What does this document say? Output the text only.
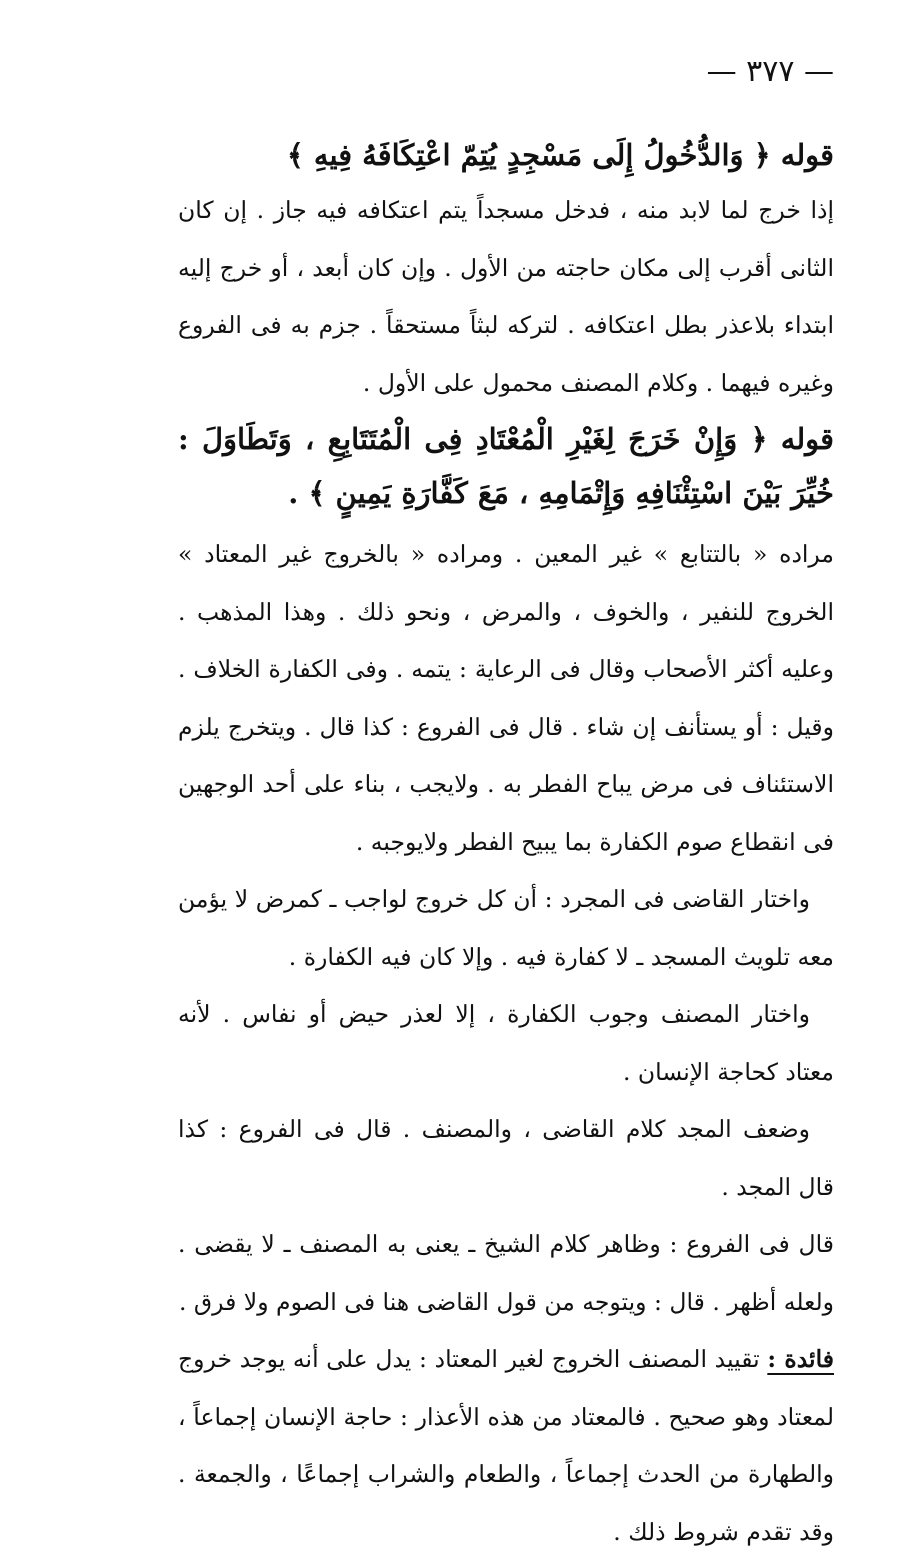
— ٣٧٧ —
قوله ﴿ وَالدُّخُولُ إِلَى مَسْجِدٍ يُتِمّ اعْتِكَافَهُ فِيهِ ﴾

إذا خرج لما لابد منه ، فدخل مسجداً يتم اعتكافه فيه جاز . إن كان الثانى أقرب إلى مكان حاجته من الأول . وإن كان أبعد ، أو خرج إليه ابتداء بلاعذر بطل اعتكافه . لتركه لبثاً مستحقاً . جزم به فى الفروع وغيره فيهما . وكلام المصنف محمول على الأول .

قوله ﴿ وَإِنْ خَرَجَ لِغَيْرِ الْمُعْتَادِ فِى الْمُتَتَابِعِ ، وَتَطَاوَلَ : خُيِّرَ بَيْنَ اسْتِئْنَافِهِ وَإِتْمَامِهِ ، مَعَ كَفَّارَةِ يَمِينٍ ﴾ .

مراده « بالتتابع » غير المعين . ومراده « بالخروج غير المعتاد » الخروج للنفير ، والخوف ، والمرض ، ونحو ذلك . وهذا المذهب . وعليه أكثر الأصحاب وقال فى الرعاية : يتمه . وفى الكفارة الخلاف . وقيل : أو يستأنف إن شاء . قال فى الفروع : كذا قال . ويتخرج يلزم الاستئناف فى مرض يباح الفطر به . ولايجب ، بناء على أحد الوجهين فى انقطاع صوم الكفارة بما يبيح الفطر ولايوجبه .

واختار القاضى فى المجرد : أن كل خروج لواجب ـ كمرض لا يؤمن معه تلويث المسجد ـ لا كفارة فيه . وإلا كان فيه الكفارة .

واختار المصنف وجوب الكفارة ، إلا لعذر حيض أو نفاس . لأنه معتاد كحاجة الإنسان .

وضعف المجد كلام القاضى ، والمصنف . قال فى الفروع : كذا قال المجد .

قال فى الفروع : وظاهر كلام الشيخ ـ يعنى به المصنف ـ لا يقضى . ولعله أظهر . قال : ويتوجه من قول القاضى هنا فى الصوم ولا فرق .

فائدة : تقييد المصنف الخروج لغير المعتاد : يدل على أنه يوجد خروج لمعتاد وهو صحيح . فالمعتاد من هذه الأعذار : حاجة الإنسان إجماعاً ، والطهارة من الحدث إجماعاً ، والطعام والشراب إجماعًا ، والجمعة . وقد تقدم شروط ذلك .
